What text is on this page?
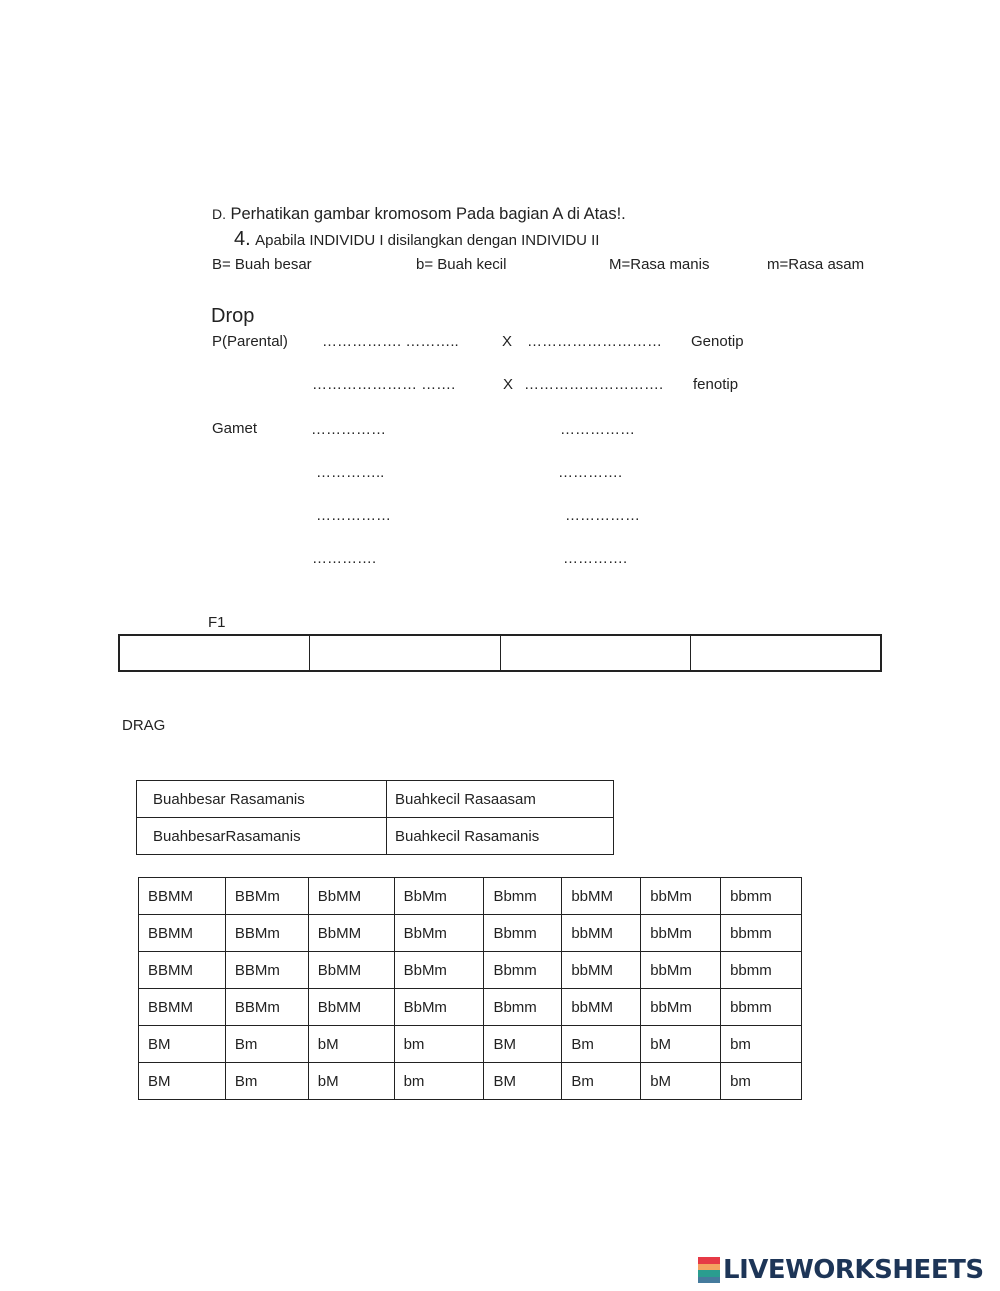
D. Perhatikan gambar kromosom Pada bagian A di Atas!.
4. Apabila INDIVIDU I disilangkan dengan INDIVIDU II
B= Buah besar	b= Buah kecil	M=Rasa manis	m=Rasa asam
Drop
P(Parental) ……………. ………..	X ……………………… Genotip
………………… …….	X ………………………. fenotip
Gamet	……………	……………
…………..	………….
……………	……………
………….	………….
F1
DRAG
Buahbesar Rasamanis	Buahkecil Rasaasam
BuahbesarRasamanis	Buahkecil Rasamanis
BBMM	BBMm	BbMM	BbMm	Bbmm	bbMM	bbMm	bbmm
BBMM	BBMm	BbMM	BbMm	Bbmm	bbMM	bbMm	bbmm
BBMM	BBMm	BbMM	BbMm	Bbmm	bbMM	bbMm	bbmm
BBMM	BBMm	BbMM	BbMm	Bbmm	bbMM	bbMm	bbmm
BM	Bm	bM	bm	BM	Bm	bM	bm
BM	Bm	bM	bm	BM	Bm	bM	bm
LIVEWORKSHEETS
